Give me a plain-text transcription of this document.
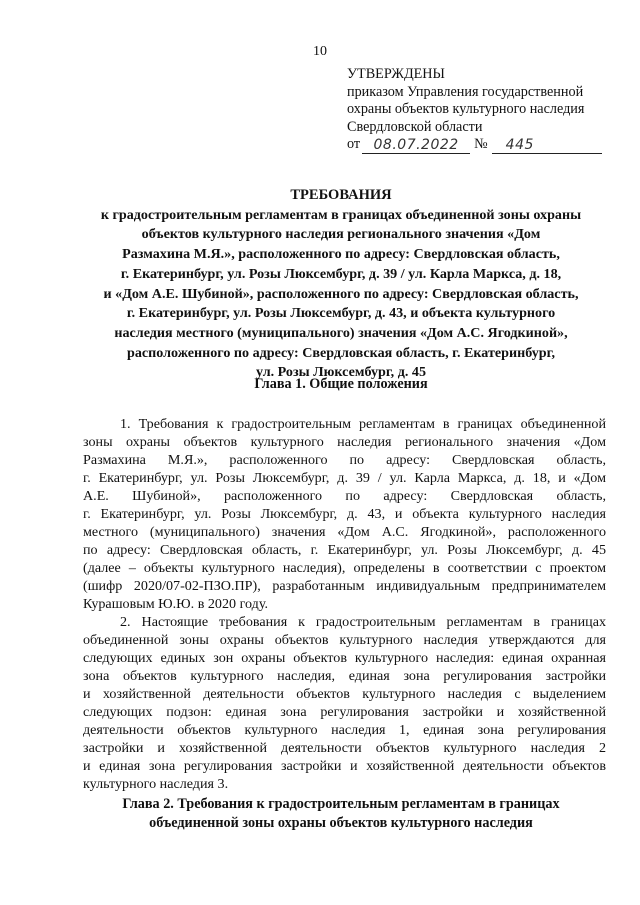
10
УТВЕРЖДЕНЫ
приказом Управления государственной
охраны объектов культурного наследия
Свердловской области
от 08.07.2022	№	445
ТРЕБОВАНИЯ
к градостроительным регламентам в границах объединенной зоны охраны
объектов культурного наследия регионального значения «Дом
Размахина М.Я.», расположенного по адресу: Свердловская область,
г. Екатеринбург, ул. Розы Люксембург, д. 39 / ул. Карла Маркса, д. 18,
и «Дом А.Е. Шубиной», расположенного по адресу: Свердловская область,
г. Екатеринбург, ул. Розы Люксембург, д. 43, и объекта культурного
наследия местного (муниципального) значения «Дом А.С. Ягодкиной»,
расположенного по адресу: Свердловская область, г. Екатеринбург,
ул. Розы Люксембург, д. 45
Глава 1. Общие положения
1. Требования к градостроительным регламентам в границах объединенной
зоны охраны объектов культурного наследия регионального значения «Дом
Размахина М.Я.», расположенного по адресу: Свердловская область,
г. Екатеринбург, ул. Розы Люксембург, д. 39 / ул. Карла Маркса, д. 18, и «Дом
А.Е. Шубиной», расположенного по адресу: Свердловская область,
г. Екатеринбург, ул. Розы Люксембург, д. 43, и объекта культурного наследия
местного (муниципального) значения «Дом А.С. Ягодкиной», расположенного
по адресу: Свердловская область, г. Екатеринбург, ул. Розы Люксембург, д. 45
(далее – объекты культурного наследия), определены в соответствии с проектом
(шифр 2020/07-02-ПЗО.ПР), разработанным индивидуальным предпринимателем
Курашовым Ю.Ю. в 2020 году.
2. Настоящие требования к градостроительным регламентам в границах
объединенной зоны охраны объектов культурного наследия утверждаются для
следующих единых зон охраны объектов культурного наследия: единая охранная
зона объектов культурного наследия, единая зона регулирования застройки
и хозяйственной деятельности объектов культурного наследия с выделением
следующих подзон: единая зона регулирования застройки и хозяйственной
деятельности объектов культурного наследия 1, единая зона регулирования
застройки и хозяйственной деятельности объектов культурного наследия 2
и единая зона регулирования застройки и хозяйственной деятельности объектов
культурного наследия 3.
Глава 2. Требования к градостроительным регламентам в границах
объединенной зоны охраны объектов культурного наследия
